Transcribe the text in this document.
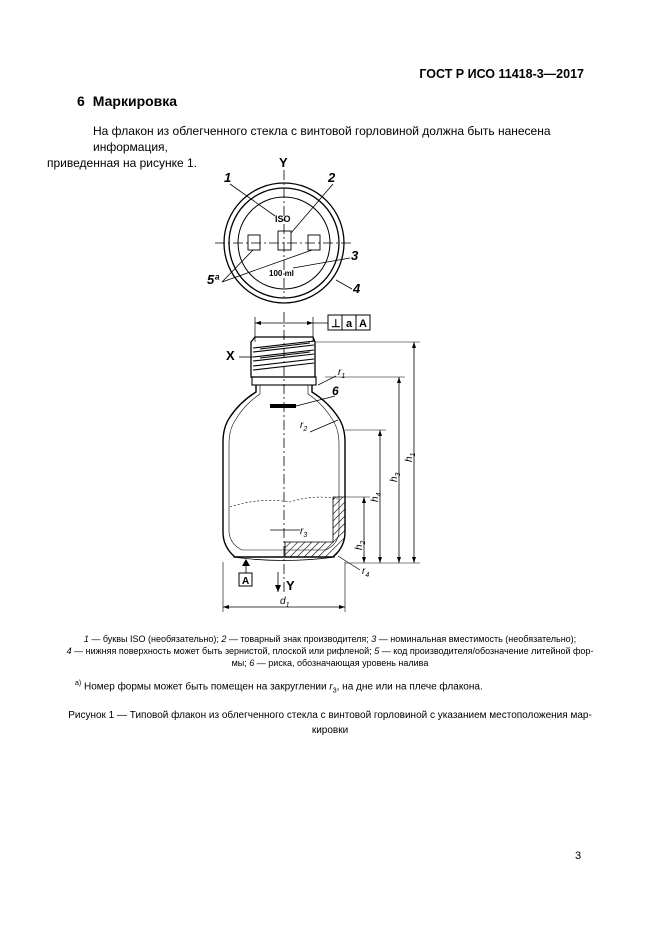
ГОСТ Р ИСО 11418-3—2017
6 Маркировка
На флакон из облегченного стекла с винтовой горловиной должна быть нанесена информация,
приведенная на рисунке 1.	Y
ISO
100 ml
1	2
3
4
5ª
⊥ a A
X
6
$r_1$
$r_2$
$r_3$
$r_4$
$h_1$
$h_3$
$h_4$
$h_2$
A	Y
$d_1$
1 — буквы ISO (необязательно); 2 — товарный знак производителя; 3 — номинальная вместимость (необязательно);
4 — нижняя поверхность может быть зернистой, плоской или рифленой; 5 — код производителя/обозначение литейной фор-
мы; 6 — риска, обозначающая уровень налива
$^{a)}$ Номер формы может быть помещен на закруглении $r_3$, на дне или на плече флакона.
Рисунок 1 — Типовой флакон из облегченного стекла с винтовой горловиной с указанием местоположения мар-
кировки
3
